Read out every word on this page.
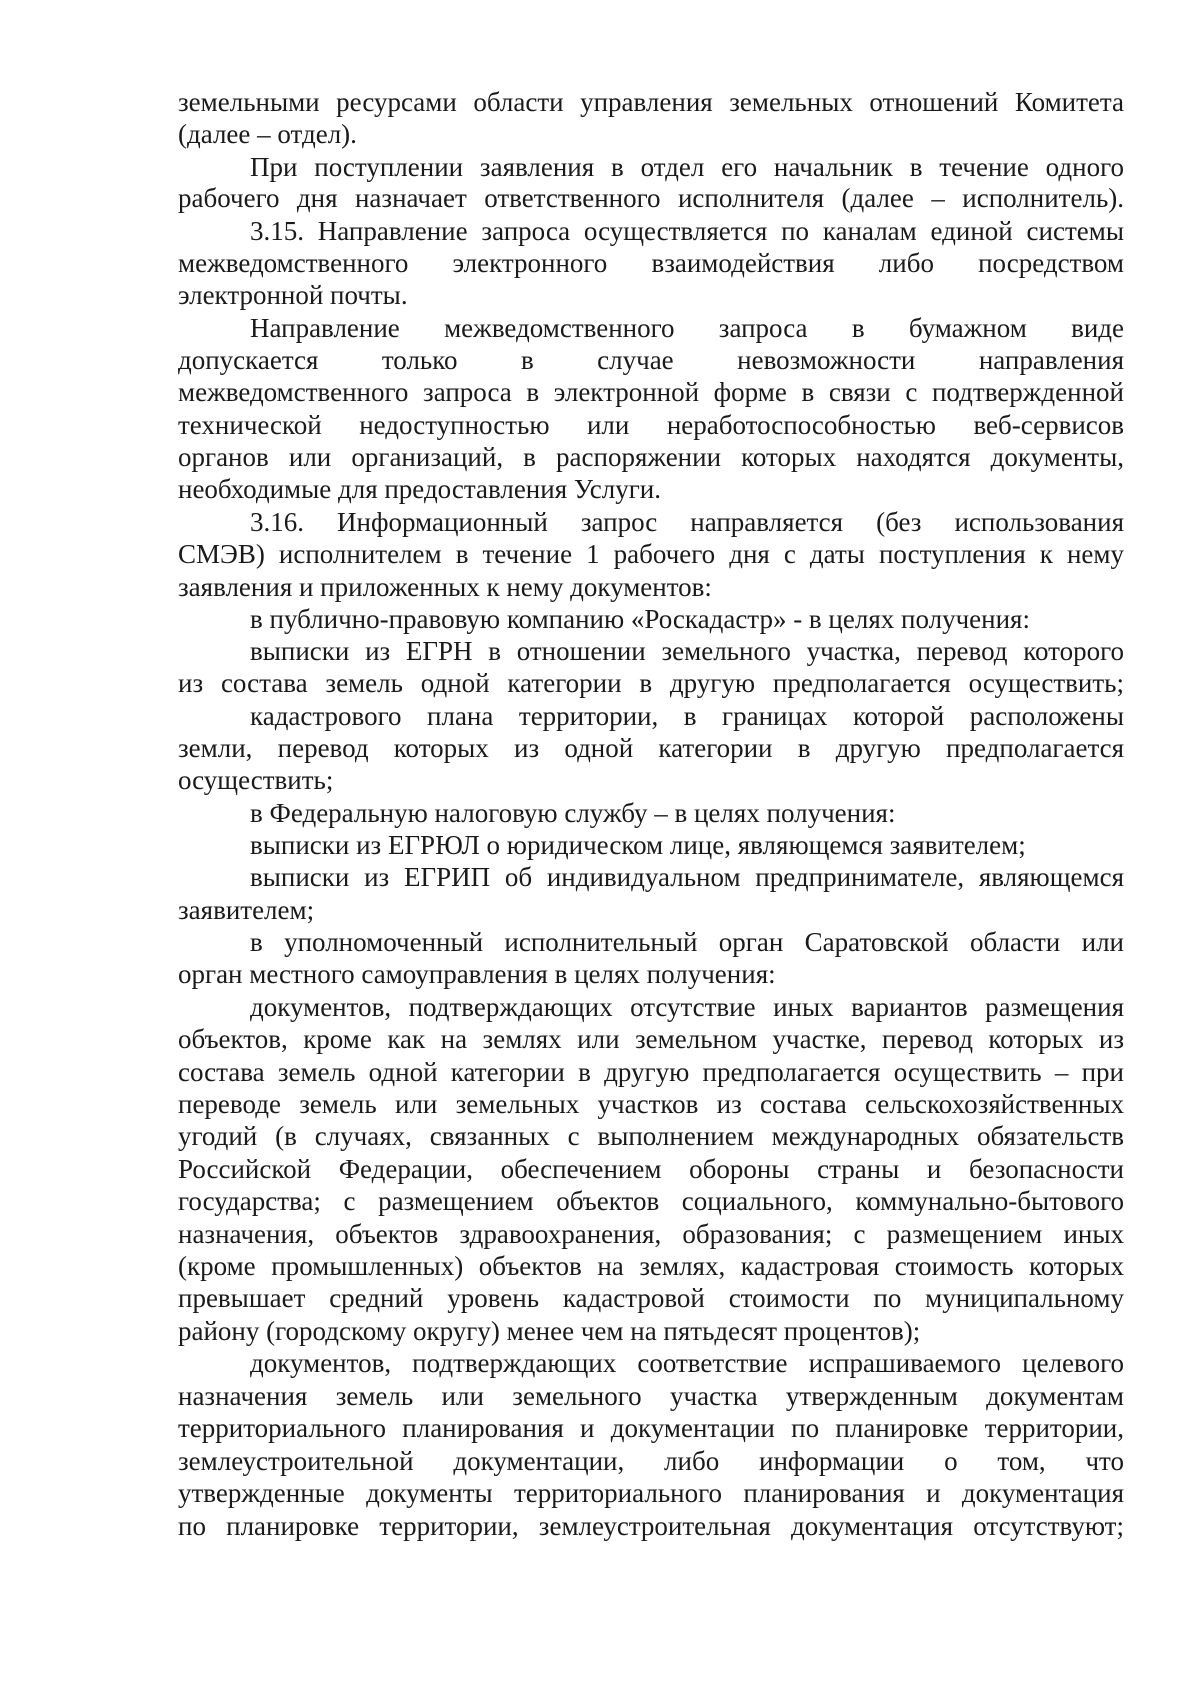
земельными ресурсами области управления земельных отношений Комитета
(далее – отдел).
При поступлении заявления в отдел его начальник в течение одного
рабочего дня назначает ответственного исполнителя (далее – исполнитель).
3.15. Направление запроса осуществляется по каналам единой системы
межведомственного электронного взаимодействия либо посредством
электронной почты.
Направление межведомственного запроса в бумажном виде
допускается только в случае невозможности направления
межведомственного запроса в электронной форме в связи с подтвержденной
технической недоступностью или неработоспособностью веб-сервисов
органов или организаций, в распоряжении которых находятся документы,
необходимые для предоставления Услуги.
3.16. Информационный запрос направляется (без использования
СМЭВ) исполнителем в течение 1 рабочего дня с даты поступления к нему
заявления и приложенных к нему документов:
в публично-правовую компанию «Роскадастр» - в целях получения:
выписки из ЕГРН в отношении земельного участка, перевод которого
из состава земель одной категории в другую предполагается осуществить;
кадастрового плана территории, в границах которой расположены
земли, перевод которых из одной категории в другую предполагается
осуществить;
в Федеральную налоговую службу – в целях получения:
выписки из ЕГРЮЛ о юридическом лице, являющемся заявителем;
выписки из ЕГРИП об индивидуальном предпринимателе, являющемся
заявителем;
в уполномоченный исполнительный орган Саратовской области или
орган местного самоуправления в целях получения:
документов, подтверждающих отсутствие иных вариантов размещения
объектов, кроме как на землях или земельном участке, перевод которых из
состава земель одной категории в другую предполагается осуществить – при
переводе земель или земельных участков из состава сельскохозяйственных
угодий (в случаях, связанных с выполнением международных обязательств
Российской Федерации, обеспечением обороны страны и безопасности
государства; с размещением объектов социального, коммунально-бытового
назначения, объектов здравоохранения, образования; с размещением иных
(кроме промышленных) объектов на землях, кадастровая стоимость которых
превышает средний уровень кадастровой стоимости по муниципальному
району (городскому округу) менее чем на пятьдесят процентов);
документов, подтверждающих соответствие испрашиваемого целевого
назначения земель или земельного участка утвержденным документам
территориального планирования и документации по планировке территории,
землеустроительной документации, либо информации о том, что
утвержденные документы территориального планирования и документация
по планировке территории, землеустроительная документация отсутствуют;
